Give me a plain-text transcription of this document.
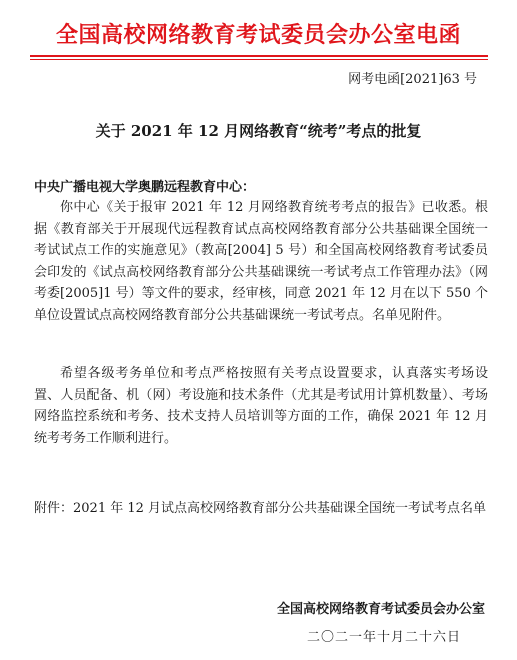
全国高校网络教育考试委员会办公室电函
网考电函[2021]63 号
关于 2021 年 12 月网络教育“统考”考点的批复
中央广播电视大学奥鹏远程教育中心：
你中心《关于报审 2021 年 12 月网络教育统考考点的报告》已收悉。根据《教育部关于开展现代远程教育试点高校网络教育部分公共基础课全国统一考试试点工作的实施意见》（教高[2004] 5 号）和全国高校网络教育考试委员会印发的《试点高校网络教育部分公共基础课统一考试考点工作管理办法》（网考委[2005]1 号）等文件的要求，经审核，同意 2021 年 12 月在以下 550 个单位设置试点高校网络教育部分公共基础课统一考试考点。名单见附件。
希望各级考务单位和考点严格按照有关考点设置要求，认真落实考场设置、人员配备、机（网）考设施和技术条件（尤其是考试用计算机数量）、考场网络监控系统和考务、技术支持人员培训等方面的工作，确保 2021 年 12 月统考考务工作顺利进行。
附件：2021 年 12 月试点高校网络教育部分公共基础课全国统一考试考点名单
全国高校网络教育考试委员会办公室
二〇二一年十月二十六日
